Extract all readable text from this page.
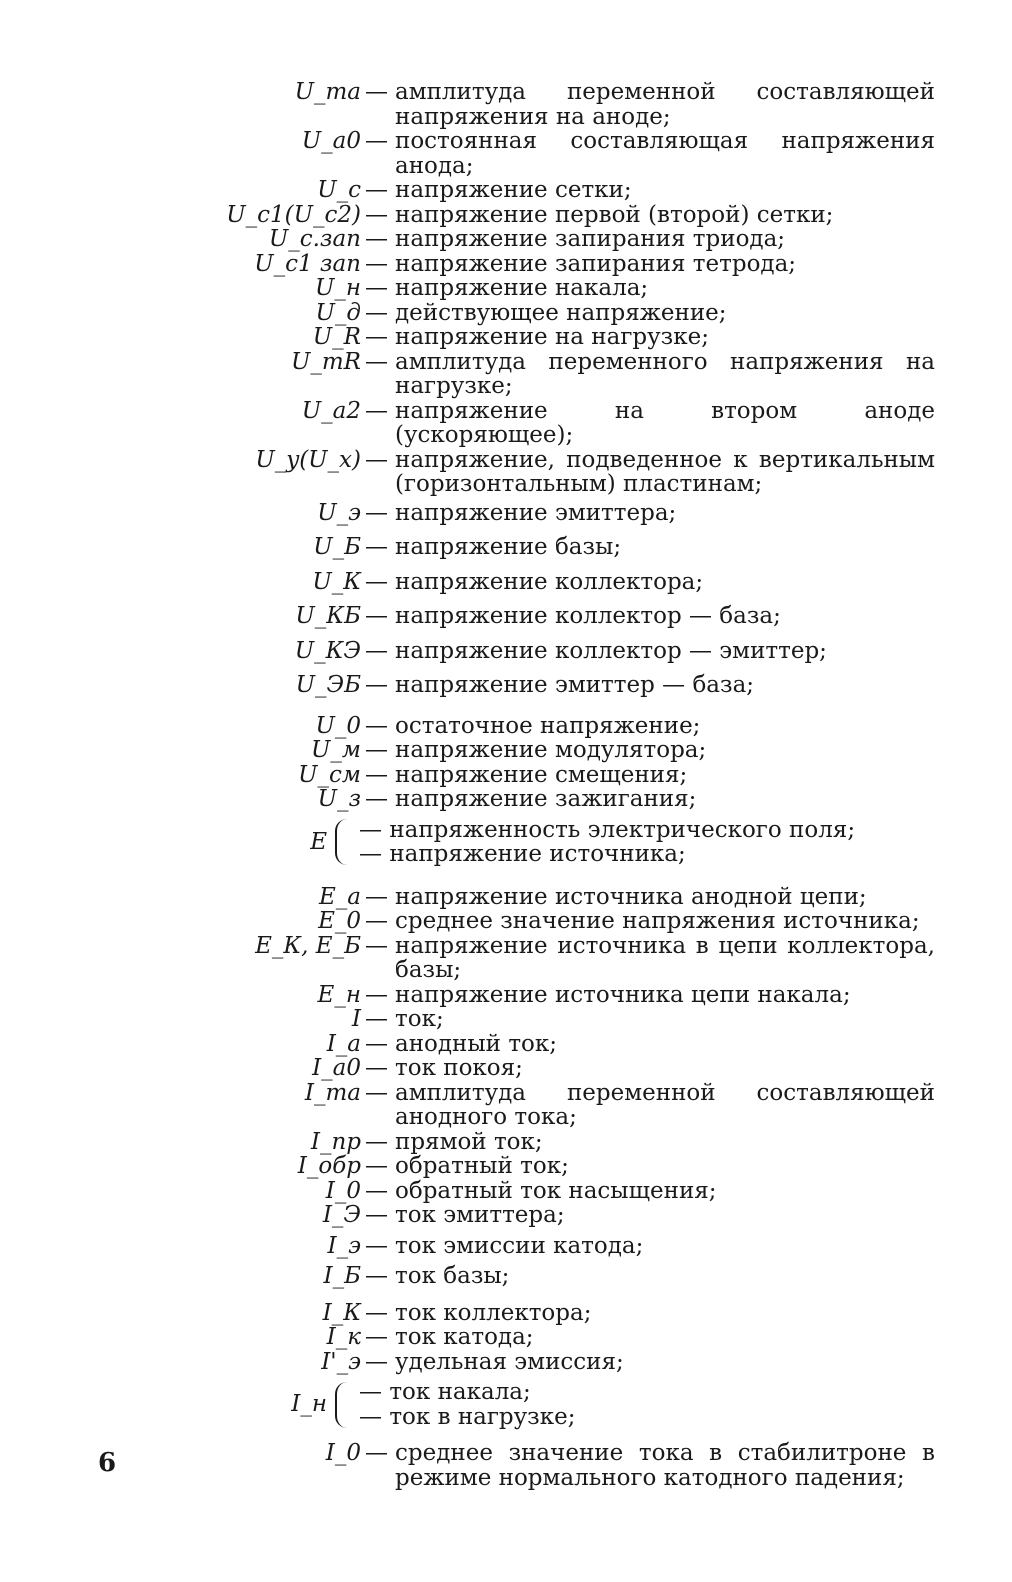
U_ma — амплитуда переменной составляющей напряжения на аноде;
U_a0 — постоянная составляющая напряжения анода;
U_c — напряжение сетки;
U_c1(U_c2) — напряжение первой (второй) сетки;
U_c.зап — напряжение запирания триода;
U_c1 зап — напряжение запирания тетрода;
U_н — напряжение накала;
U_д — действующее напряжение;
U_R — напряжение на нагрузке;
U_mR — амплитуда переменного напряжения на нагрузке;
U_a2 — напряжение на втором аноде (ускоряющее);
U_y(U_x) — напряжение, подведенное к вертикальным (горизонтальным) пластинам;
U_э — напряжение эмиттера;
U_Б — напряжение базы;
U_К — напряжение коллектора;
U_КБ — напряжение коллектор — база;
U_КЭ — напряжение коллектор — эмиттер;
U_ЭБ — напряжение эмиттер — база;
U_0 — остаточное напряжение;
U_м — напряжение модулятора;
U_см — напряжение смещения;
U_з — напряжение зажигания;
E — напряженность электрического поля;
— напряжение источника;
E_a — напряжение источника анодной цепи;
E_0 — среднее значение напряжения источника;
E_К, E_Б — напряжение источника в цепи коллектора, базы;
E_н — напряжение источника цепи накала;
I — ток;
I_a — анодный ток;
I_a0 — ток покоя;
I_ma — амплитуда переменной составляющей анодного тока;
I_пр — прямой ток;
I_обр — обратный ток;
I_0 — обратный ток насыщения;
I_Э — ток эмиттера;
I_э — ток эмиссии катода;
I_Б — ток базы;
I_К — ток коллектора;
I_к — ток катода;
I'_э — удельная эмиссия;
I_н — ток накала;
— ток в нагрузке;
I_0 — среднее значение тока в стабилитроне в режиме нормального катодного падения;
6
